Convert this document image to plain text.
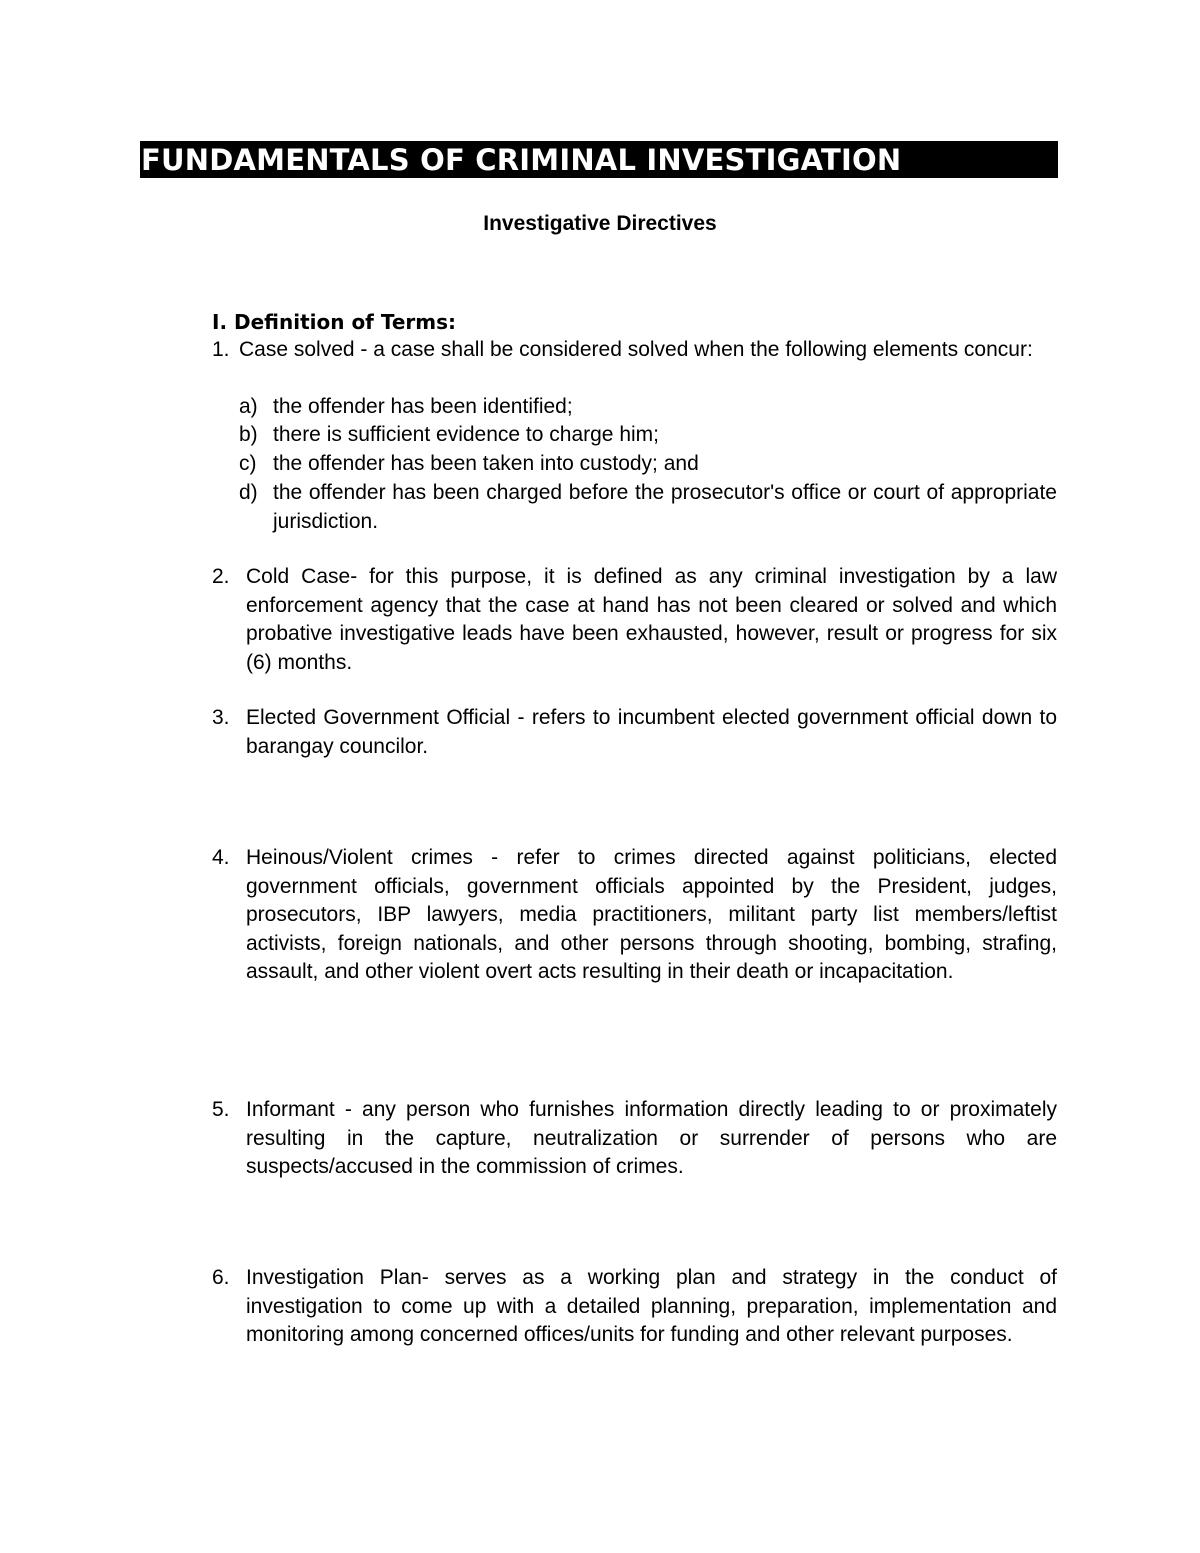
FUNDAMENTALS OF CRIMINAL INVESTIGATION
Investigative Directives
I. Definition of Terms:
1. Case solved - a case shall be considered solved when the following elements concur:
a) the offender has been identified;
b) there is sufficient evidence to charge him;
c) the offender has been taken into custody; and
d) the offender has been charged before the prosecutor's office or court of appropriate jurisdiction.
2. Cold Case- for this purpose, it is defined as any criminal investigation by a law enforcement agency that the case at hand has not been cleared or solved and which probative investigative leads have been exhausted, however, result or progress for six (6) months.
3. Elected Government Official - refers to incumbent elected government official down to barangay councilor.
4. Heinous/Violent crimes - refer to crimes directed against politicians, elected government officials, government officials appointed by the President, judges, prosecutors, IBP lawyers, media practitioners, militant party list members/leftist activists, foreign nationals, and other persons through shooting, bombing, strafing, assault, and other violent overt acts resulting in their death or incapacitation.
5. Informant - any person who furnishes information directly leading to or proximately resulting in the capture, neutralization or surrender of persons who are suspects/accused in the commission of crimes.
6. Investigation Plan- serves as a working plan and strategy in the conduct of investigation to come up with a detailed planning, preparation, implementation and monitoring among concerned offices/units for funding and other relevant purposes.
